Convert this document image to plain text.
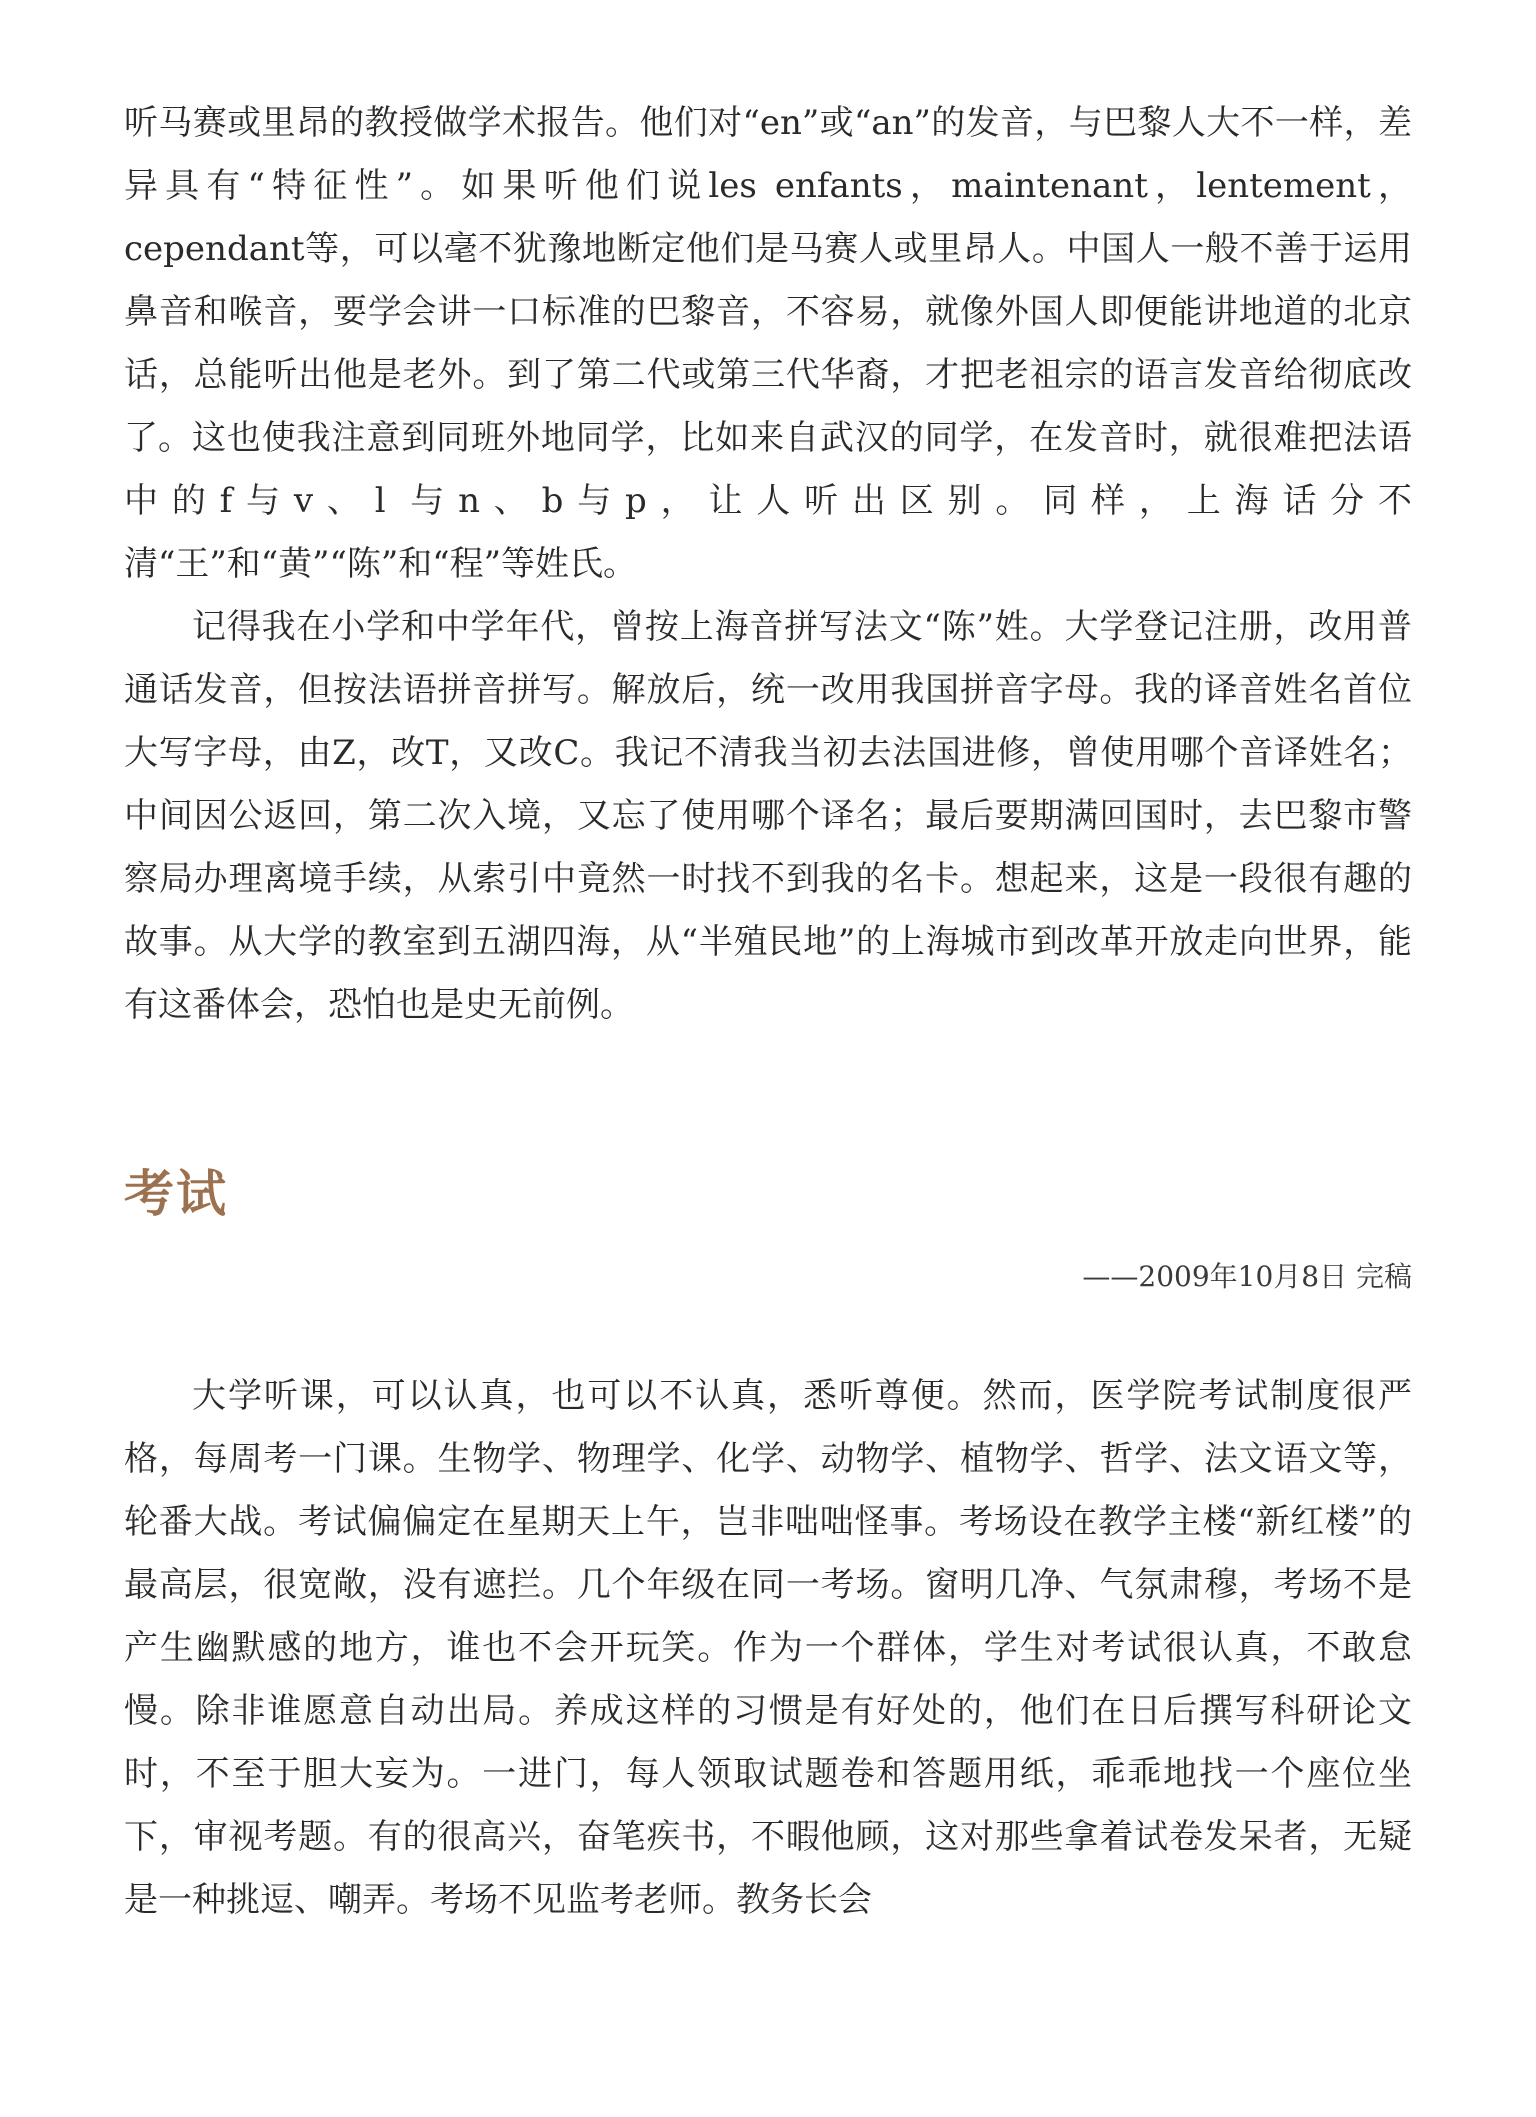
听马赛或里昂的教授做学术报告。他们对“en”或“an”的发音，与巴黎人大不一样，差异具有“特征性”。如果听他们说les enfants，maintenant，lentement，cependant等，可以毫不犹豫地断定他们是马赛人或里昂人。中国人一般不善于运用鼻音和喉音，要学会讲一口标准的巴黎音，不容易，就像外国人即便能讲地道的北京话，总能听出他是老外。到了第二代或第三代华裔，才把老祖宗的语言发音给彻底改了。 这也使我注意到同班外地同学，比如来自武汉的同学，在发音时，就很难把法语中的f与v、l 与n、b与p，让人听出区别。同样，上海话分不清“王”和“黄”“陈”和“程”等姓氏。

记得我在小学和中学年代，曾按上海音拼写法文“陈”姓。大学登记注册，改用普通话发音，但按法语拼音拼写。解放后，统一改用我国拼音字母。我的译音姓名首位大写字母，由Z，改T，又改C。我记不清我当初去法国进修，曾使用哪个音译姓名；中间因公返回，第二次入境，又忘了使用哪个译名；最后要期满回国时，去巴黎市警察局办理离境手续，从索引中竟然一时找不到我的名卡。想起来，这是一段很有趣的故事。从大学的教室到五湖四海，从“半殖民地”的上海城市到改革开放走向世界，能有这番体会，恐怕也是史无前例。

考试

——2009年10月8日 完稿

大学听课，可以认真，也可以不认真，悉听尊便。然而，医学院考试制度很严格，每周考一门课。生物学、物理学、化学、动物学、植物学、哲学、法文语文等，轮番大战。考试偏偏定在星期天上午，岂非咄咄怪事。考场设在教学主楼“新红楼”的最高层，很宽敞，没有遮拦。几个年级在同一考场。窗明几净、气氛肃穆，考场不是产生幽默感的地方，谁也不会开玩笑。作为一个群体，学生对考试很认真，不敢怠慢。除非谁愿意自动出局。养成这样的习惯是有好处的，他们在日后撰写科研论文时，不至于胆大妄为。一进门，每人领取试题卷和答题用纸，乖乖地找一个座位坐下，审视考题。有的很高兴，奋笔疾书，不暇他顾，这对那些拿着试卷发呆者，无疑是一种挑逗、嘲弄。考场不见监考老师。教务长会
